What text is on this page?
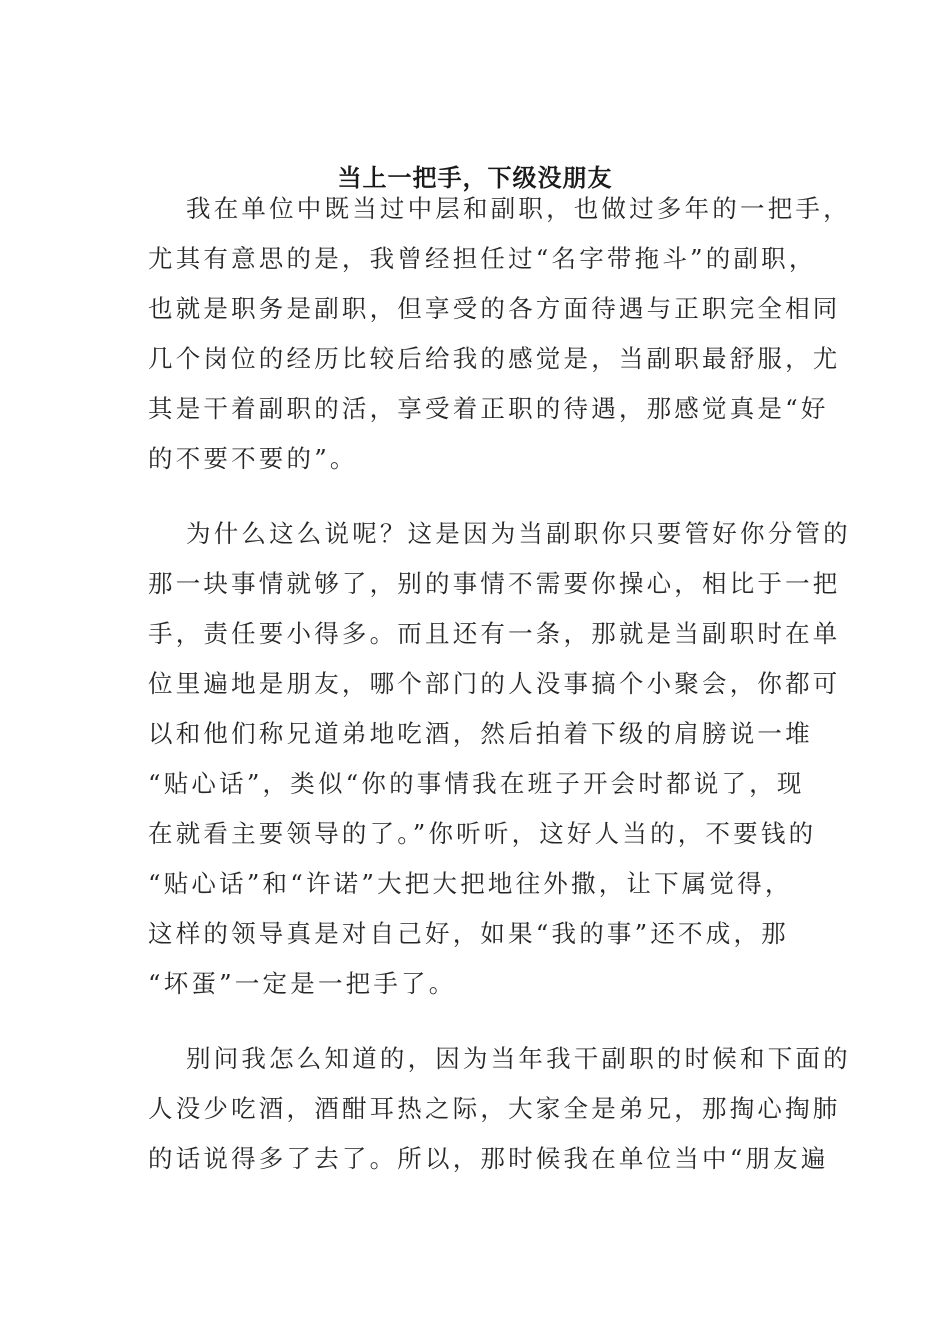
当上一把手，下级没朋友
我在单位中既当过中层和副职，也做过多年的一把手，
尤其有意思的是，我曾经担任过“名字带拖斗”的副职，
也就是职务是副职，但享受的各方面待遇与正职完全相同
几个岗位的经历比较后给我的感觉是，当副职最舒服，尤
其是干着副职的活，享受着正职的待遇，那感觉真是“好
的不要不要的”。
为什么这么说呢？这是因为当副职你只要管好你分管的
那一块事情就够了，别的事情不需要你操心，相比于一把
手，责任要小得多。而且还有一条，那就是当副职时在单
位里遍地是朋友，哪个部门的人没事搞个小聚会，你都可
以和他们称兄道弟地吃酒，然后拍着下级的肩膀说一堆
“贴心话”，类似“你的事情我在班子开会时都说了，现
在就看主要领导的了。”你听听，这好人当的，不要钱的
“贴心话”和“许诺”大把大把地往外撒，让下属觉得，
这样的领导真是对自己好，如果“我的事”还不成，那
“坏蛋”一定是一把手了。
别问我怎么知道的，因为当年我干副职的时候和下面的
人没少吃酒，酒酣耳热之际，大家全是弟兄，那掏心掏肺
的话说得多了去了。所以，那时候我在单位当中“朋友遍
